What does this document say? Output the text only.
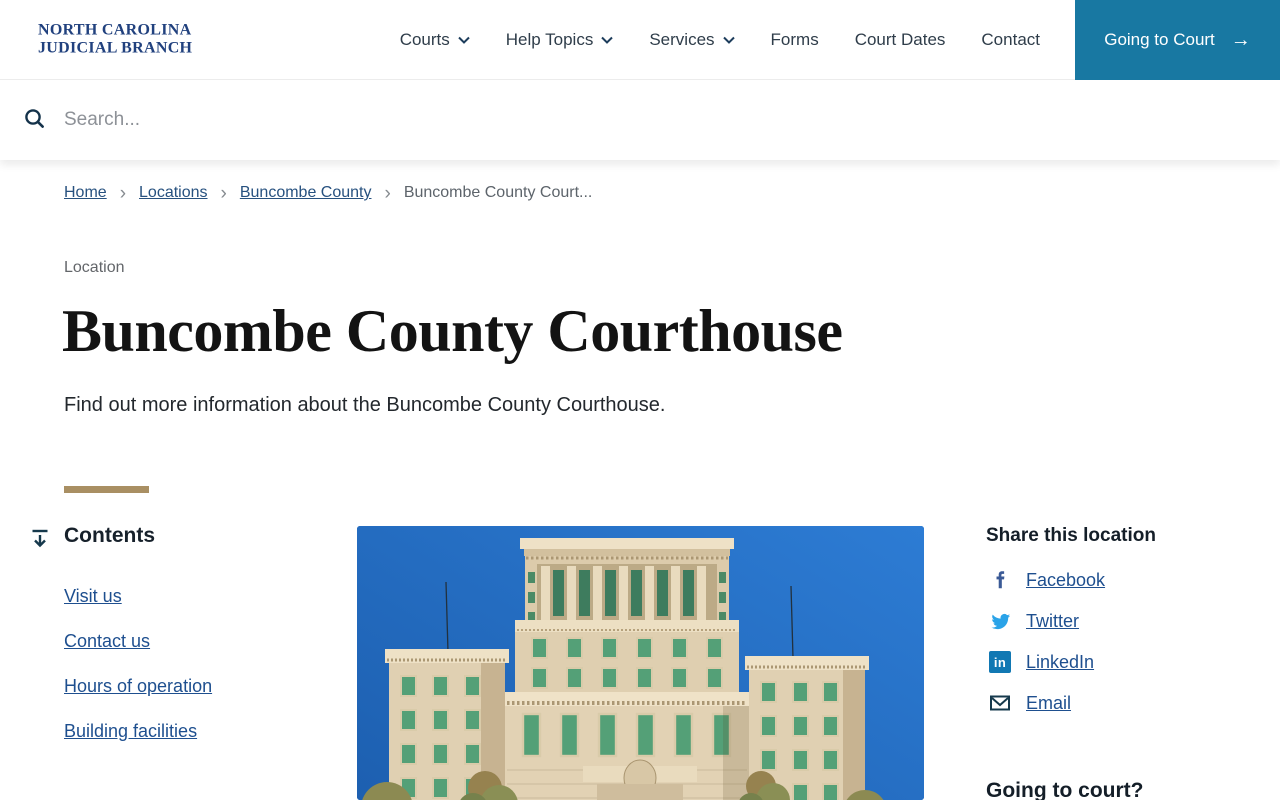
NORTH CAROLINA
JUDICIAL BRANCH	Courts	Help Topics	Services	Forms Court Dates Contact	Going to Court →
Search...
Home › Locations › Buncombe County › Buncombe County Court...
Location
Buncombe County Courthouse

Find out more information about the Buncombe County Courthouse.

Contents
Visit us
Contact us
Hours of operation
Building facilities
Share this location
Facebook
Twitter
in LinkedIn
Email
Going to court?
